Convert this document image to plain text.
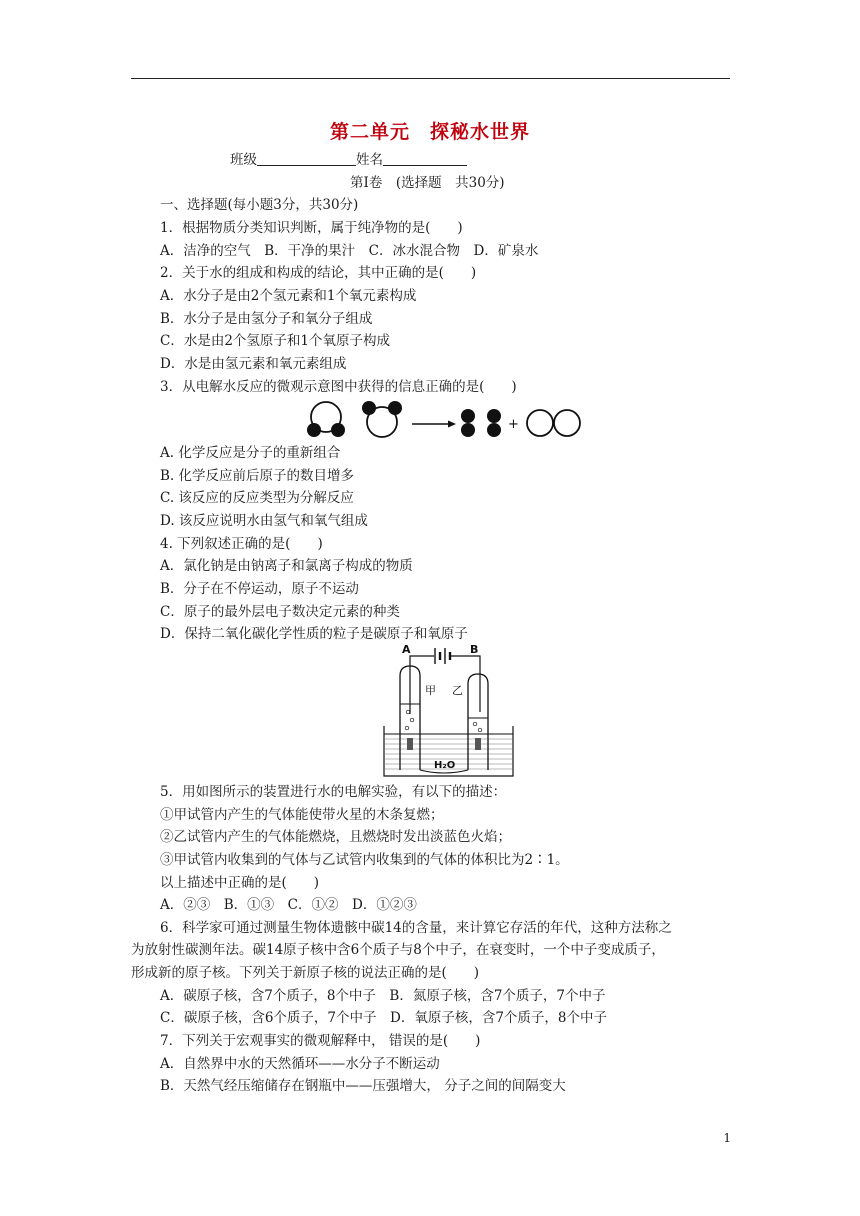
第二单元　探秘水世界
班级	姓名
第Ⅰ卷　(选择题　共30分)
一、选择题(每小题3分，共30分)
1．根据物质分类知识判断，属于纯净物的是(　　)
A．洁净的空气　B．干净的果汁　C．冰水混合物　D．矿泉水
2．关于水的组成和构成的结论，其中正确的是(　　)
A．水分子是由2个氢元素和1个氧元素构成
B．水分子是由氢分子和氧分子组成
C．水是由2个氢原子和1个氧原子构成
D．水是由氢元素和氧元素组成
3．从电解水反应的微观示意图中获得的信息正确的是(　　)
+
A. 化学反应是分子的重新组合
B. 化学反应前后原子的数目增多
C. 该反应的反应类型为分解反应
D. 该反应说明水由氢气和氧气组成
4. 下列叙述正确的是(　　)
A．氯化钠是由钠离子和氯离子构成的物质
B．分子在不停运动，原子不运动
C．原子的最外层电子数决定元素的种类
D．保持二氧化碳化学性质的粒子是碳原子和氧原子
A	B
甲 乙
H₂O
5．用如图所示的装置进行水的电解实验，有以下的描述：
①甲试管内产生的气体能使带火星的木条复燃；
②乙试管内产生的气体能燃烧，且燃烧时发出淡蓝色火焰；
③甲试管内收集到的气体与乙试管内收集到的气体的体积比为2∶1。
以上描述中正确的是(　　)
A．②③　B．①③　C．①②　D．①②③
6．科学家可通过测量生物体遗骸中碳14的含量，来计算它存活的年代，这种方法称之
为放射性碳测年法。碳14原子核中含6个质子与8个中子，在衰变时，一个中子变成质子，
形成新的原子核。下列关于新原子核的说法正确的是(　　)
A．碳原子核，含7个质子，8个中子　B．氮原子核，含7个质子，7个中子
C．碳原子核，含6个质子，7个中子　D．氧原子核，含7个质子，8个中子
7．下列关于宏观事实的微观解释中， 错误的是(　　)
A．自然界中水的天然循环——水分子不断运动
B．天然气经压缩储存在钢瓶中——压强增大， 分子之间的间隔变大
1
